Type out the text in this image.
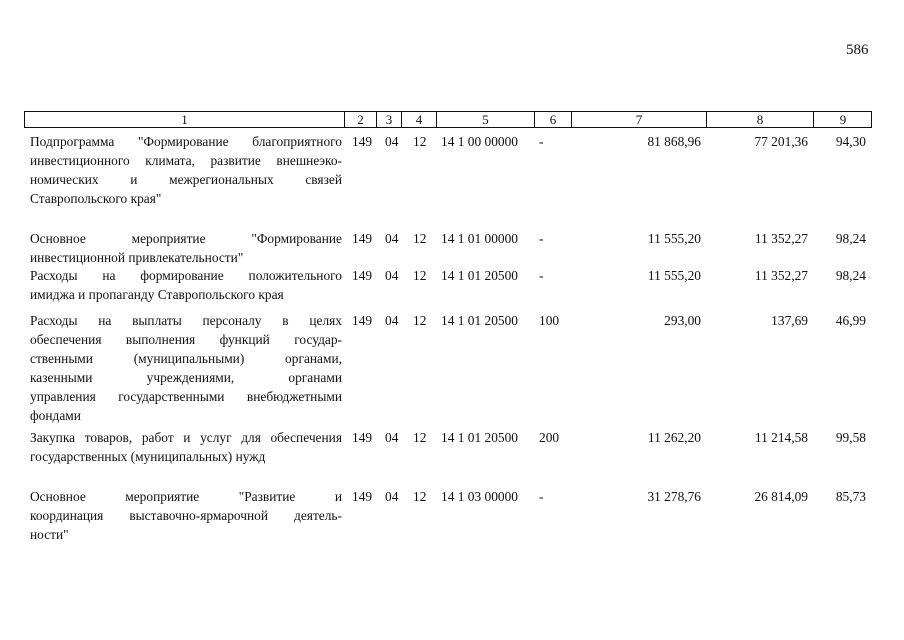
586
1	2	3	4	5	6	7	8	9
Подпрограмма "Формирование благоприятного
инвестиционного климата, развитие внешнеэко-
номических и межрегиональных связей
Ставропольского края"
149 04	12	14 1 00 00000	-	81 868,96	77 201,36	94,30
Основное мероприятие "Формирование
инвестиционной привлекательности"
149 04	12	14 1 01 00000	-	11 555,20	11 352,27	98,24
Расходы на формирование положительного
имиджа и пропаганду Ставропольского края
149 04	12	14 1 01 20500	-	11 555,20	11 352,27	98,24
Расходы на выплаты персоналу в целях
обеспечения выполнения функций государ-
ственными (муниципальными) органами,
казенными учреждениями, органами
управления государственными внебюджетными
фондами
149 04	12	14 1 01 20500	100	293,00	137,69	46,99
Закупка товаров, работ и услуг для обеспечения
государственных (муниципальных) нужд
149 04	12	14 1 01 20500	200	11 262,20	11 214,58	99,58
Основное мероприятие "Развитие и
координация выставочно-ярмарочной деятель-
ности"
149 04	12	14 1 03 00000	-	31 278,76	26 814,09	85,73
